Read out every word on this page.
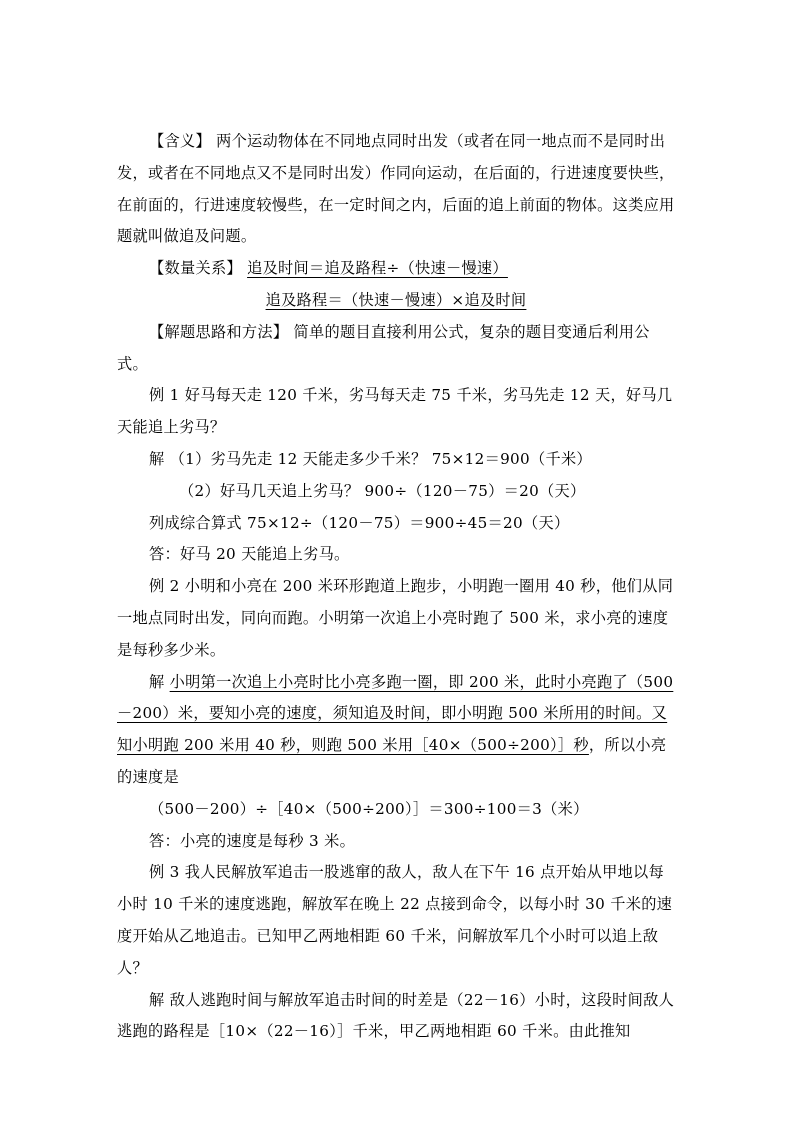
【含义】 两个运动物体在不同地点同时出发（或者在同一地点而不是同时出发，或者在不同地点又不是同时出发）作同向运动，在后面的，行进速度要快些，在前面的，行进速度较慢些，在一定时间之内，后面的追上前面的物体。这类应用题就叫做追及问题。

【数量关系】 追及时间＝追及路程÷（快速－慢速）

追及路程＝（快速－慢速）×追及时间

【解题思路和方法】 简单的题目直接利用公式，复杂的题目变通后利用公式。

例 1 好马每天走 120 千米，劣马每天走 75 千米，劣马先走 12 天，好马几天能追上劣马？

解 （1）劣马先走 12 天能走多少千米？ 75×12＝900（千米）

（2）好马几天追上劣马？ 900÷（120－75）＝20（天）

列成综合算式 75×12÷（120－75）＝900÷45＝20（天）

答：好马 20 天能追上劣马。

例 2 小明和小亮在 200 米环形跑道上跑步，小明跑一圈用 40 秒，他们从同一地点同时出发，同向而跑。小明第一次追上小亮时跑了 500 米，求小亮的速度是每秒多少米。

解 小明第一次追上小亮时比小亮多跑一圈，即 200 米，此时小亮跑了（500－200）米，要知小亮的速度，须知追及时间，即小明跑 500 米所用的时间。又知小明跑 200 米用 40 秒，则跑 500 米用［40×（500÷200）］秒，所以小亮的速度是

（500－200）÷［40×（500÷200）］＝300÷100＝3（米）

答：小亮的速度是每秒 3 米。

例 3 我人民解放军追击一股逃窜的敌人，敌人在下午 16 点开始从甲地以每小时 10 千米的速度逃跑，解放军在晚上 22 点接到命令，以每小时 30 千米的速度开始从乙地追击。已知甲乙两地相距 60 千米，问解放军几个小时可以追上敌人？

解 敌人逃跑时间与解放军追击时间的时差是（22－16）小时，这段时间敌人逃跑的路程是［10×（22－16）］千米，甲乙两地相距 60 千米。由此推知
